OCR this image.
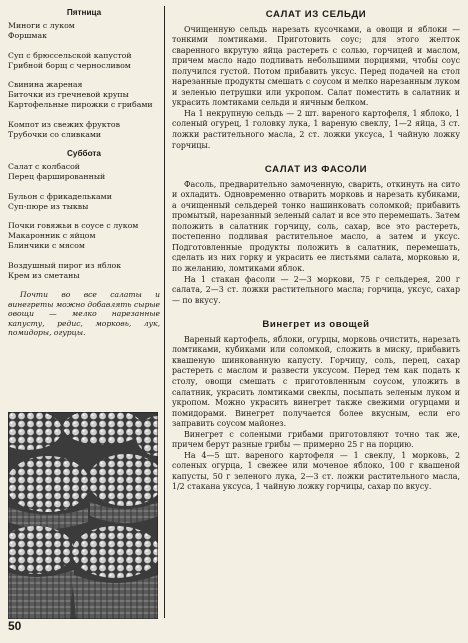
Пятница
Миноги с луком
Форшмак
Суп с брюссельской капустой
Грибной борщ с черносливом
Свинина жареная
Биточки из гречневой крупы
Картофельные пирожки с грибами
Компот из свежих фруктов
Трубочки со сливками
Суббота
Салат с колбасой
Перец фаршированный
Бульон с фрикадельками
Суп-пюре из тыквы
Почки говяжьи в соусе с луком
Макаронник с яйцом
Блинчики с мясом
Воздушный пирог из яблок
Крем из сметаны
Почти во все салаты и винегреты можно добавлять сырые овощи — мелко нарезанные капусту, редис, морковь, лук, помидоры, огурцы.
50
САЛАТ ИЗ СЕЛЬДИ

Очищенную сельдь нарезать кусочками, а овощи и яблоки — тонкими ломтиками. Приготовить соус; для этого желток сваренного вкрутую яйца растереть с солью, горчицей и маслом, причем масло надо подливать небольшими порциями, чтобы соус получился густой. Потом прибавить уксус. Перед подачей на стол нарезанные продукты смешать с соусом и мелко нарезанным луком и зеленью петрушки или укропом. Салат поместить в салатник и украсить ломтиками сельди и яичным белком.

На 1 некрупную сельдь — 2 шт. вареного картофеля, 1 яблоко, 1 соленый огурец, 1 головку лука, 1 вареную свеклу, 1—2 яйца, 3 ст. ложки растительного масла, 2 ст. ложки уксуса, 1 чайную ложку горчицы.

САЛАТ ИЗ ФАСОЛИ

Фасоль, предварительно замоченную, сварить, откинуть на сито и охладить. Одновременно отварить морковь и нарезать кубиками, а очищенный сельдерей тонко нашинковать соломкой; прибавить промытый, нарезанный зеленый салат и все это перемешать. Затем положить в салатник горчицу, соль, сахар, все это растереть, постепенно подливая растительное масло, а затем и уксус. Подготовленные продукты положить в салатник, перемешать, сделать из них горку и украсить ее листьями салата, морковью и, по желанию, ломтиками яблок.

На 1 стакан фасоли — 2—3 моркови, 75 г сельдерея, 200 г салата, 2—3 ст. ложки растительного масла; горчица, уксус, сахар — по вкусу.

Винегрет из овощей

Вареный картофель, яблоки, огурцы, морковь очистить, нарезать ломтиками, кубиками или соломкой, сложить в миску, прибавить квашеную шинкованную капусту. Горчицу, соль, перец, сахар растереть с маслом и развести уксусом. Перед тем как подать к столу, овощи смешать с приготовленным соусом, уложить в салатник, украсить ломтиками свеклы, посыпать зеленым луком и укропом. Можно украсить винегрет также свежими огурцами и помидорами. Винегрет получается более вкусным, если его заправить соусом майонез.

Винегрет с солеными грибами приготовляют точно так же, причем берут разные грибы — примерно 25 г на порцию.

На 4—5 шт. вареного картофеля — 1 свеклу, 1 морковь, 2 соленых огурца, 1 свежее или моченое яблоко, 100 г квашеной капусты, 50 г зеленого лука, 2—3 ст. ложки растительного масла, 1/2 стакана уксуса, 1 чайную ложку горчицы, сахар по вкусу.
